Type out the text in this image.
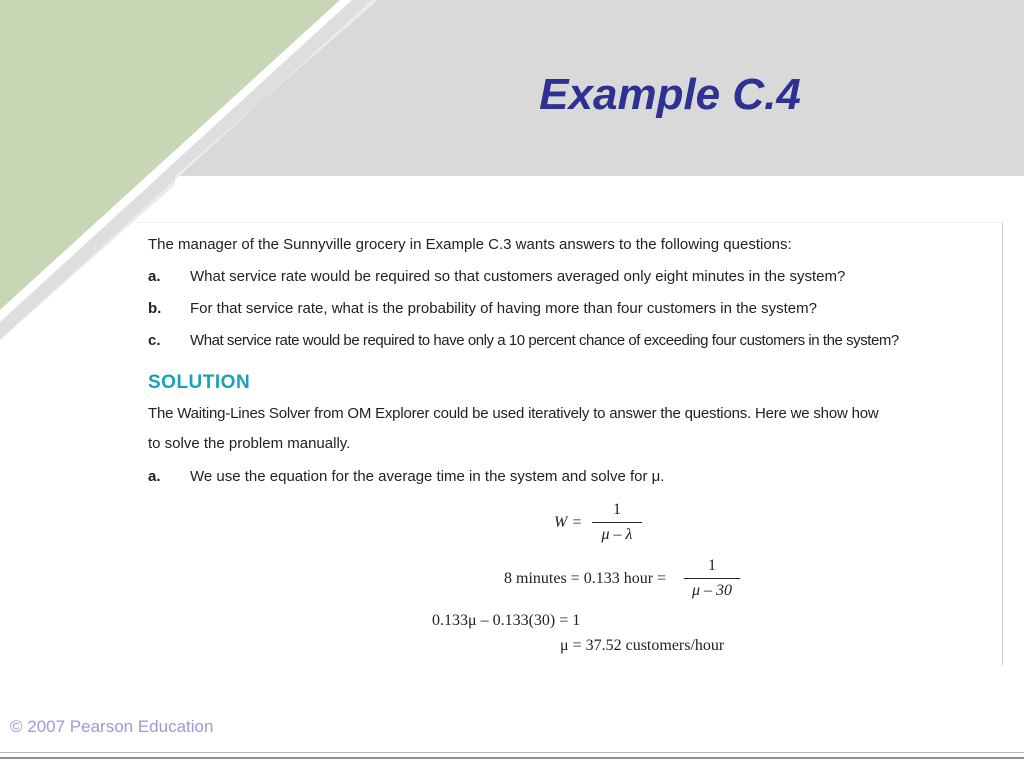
Example C.4
The manager of the Sunnyville grocery in Example C.3 wants answers to the following questions:
a. What service rate would be required so that customers averaged only eight minutes in the system?
b. For that service rate, what is the probability of having more than four customers in the system?
c. What service rate would be required to have only a 10 percent chance of exceeding four customers in the system?
SOLUTION
The Waiting-Lines Solver from OM Explorer could be used iteratively to answer the questions. Here we show how
to solve the problem manually.
a. We use the equation for the average time in the system and solve for μ.
$W = \frac{1}{\mu - \lambda}$
8 minutes = 0.133 hour = $\frac{1}{\mu - 30}$
0.133μ – 0.133(30) = 1
μ = 37.52 customers/hour
© 2007 Pearson Education
